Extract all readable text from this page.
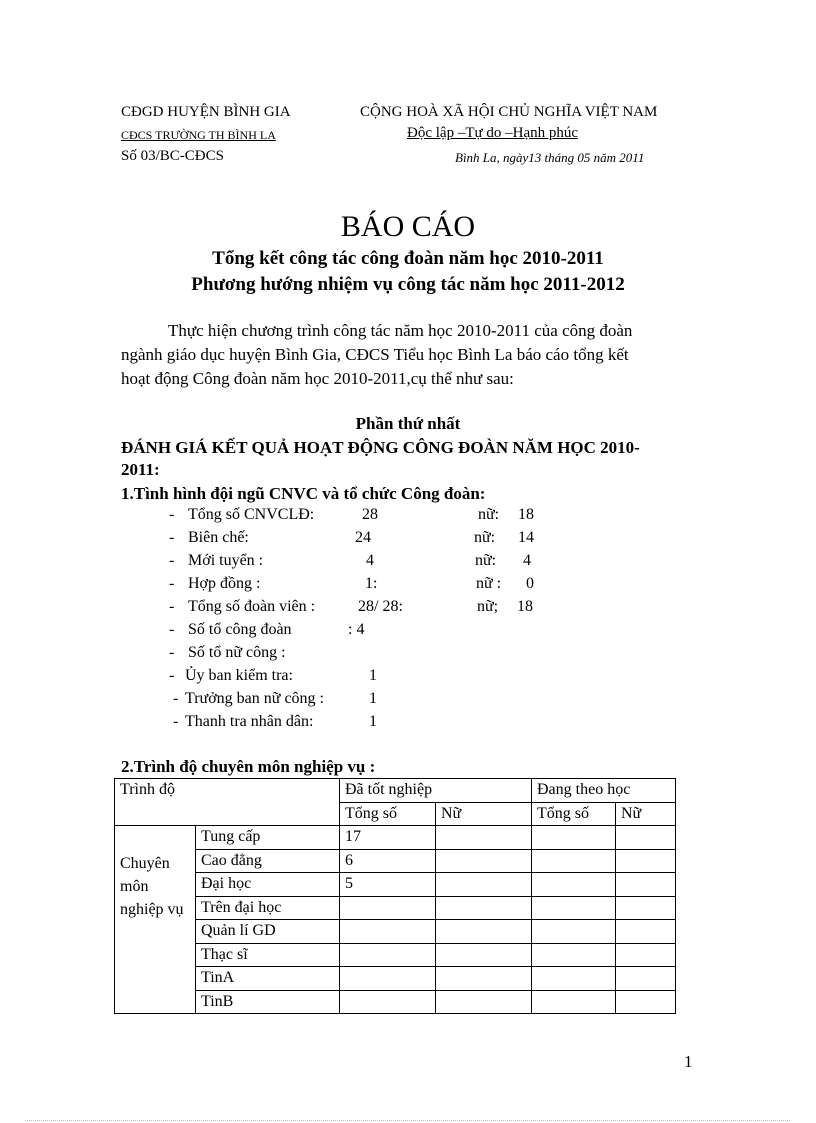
CĐGD HUYỆN BÌNH GIA
CĐCS TRƯỜNG TH BÌNH LA
Số 03/BC-CĐCS
CỘNG HOÀ XÃ HỘI CHỦ NGHĨA VIỆT NAM
Độc lập –Tự do –Hạnh phúc
Bình La, ngày13 tháng 05 năm 2011
BÁO CÁO
Tổng kết công tác công đoàn năm học 2010-2011
Phương hướng nhiệm vụ công tác năm học 2011-2012
Thực hiện chương trình công tác năm học 2010-2011 của công đoàn
ngành giáo dục huyện Bình Gia, CĐCS Tiểu học Bình La báo cáo tổng kết
hoạt động Công đoàn năm học 2010-2011,cụ thể như sau:
Phần thứ nhất
ĐÁNH GIÁ KẾT QUẢ HOẠT ĐỘNG CÔNG ĐOÀN NĂM HỌC 2010-
2011:
1.Tình hình đội ngũ CNVC và tổ chức Công đoàn:
- Tổng số CNVCLĐ:	28	nữ: 18
- Biên chế:	24	nữ: 14
- Mới tuyển :	4	nữ: 4
- Hợp đồng :	1:	nữ : 0
- Tổng số đoàn viên :	28/ 28:	nữ; 18
- Số tổ công đoàn	: 4
- Số tổ nữ công :
- Ủy ban kiểm tra:	1
- Trưởng ban nữ công :	1
- Thanh tra nhân dân:	1
2.Trình độ chuyên môn nghiệp vụ :
Trình độ		Đã tốt nghiệp		Đang theo học	
		Tổng số	Nữ	Tổng số	Nữ

Chuyên
môn
nghiệp vụ	Tung cấp	17			
	Cao đẳng	6			
	Đại học	5			
	Trên đại học				
	Quản lí GD				
	Thạc sĩ				
	TinA				
	TinB				
1
